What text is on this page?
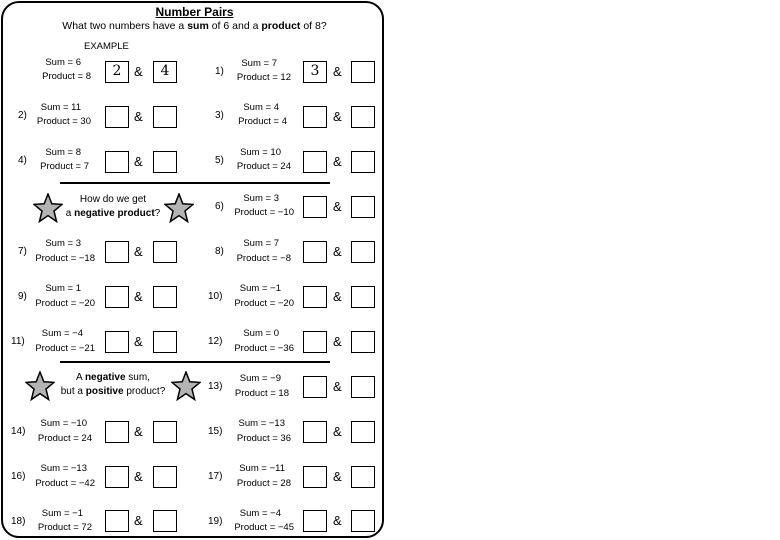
Number Pairs
What two numbers have a sum of 6 and a product of 8?
EXAMPLE
How do we get
a negative product?
A negative sum,
but a positive product?
Sum = 6
Product = 8	2 &	4
2)
Sum = 11
Product = 30	&
4)
Sum = 8
Product = 7	&
7)
Sum = 3
Product = −18	&
9)
Sum = 1
Product = −20	&
11)
Sum = −4
Product = −21	&
14)
Sum = −10
Product = 24	&
16)
Sum = −13
Product = −42	&
18)
Sum = −1
Product = 72	&
1)
Sum = 7
Product = 12	3	&
3)
Sum = 4
Product = 4	&
5)
Sum = 10
Product = 24	&
6)
Sum = 3
Product = −10	&
8)
Sum = 7
Product = −8	&
10)
Sum = −1
Product = −20	&
12)
Sum = 0
Product = −36	&
13)
Sum = −9
Product = 18	&
15)
Sum = −13
Product = 36	&
17)
Sum = −11
Product = 28	&
19)
Sum = −4
Product = −45	&
